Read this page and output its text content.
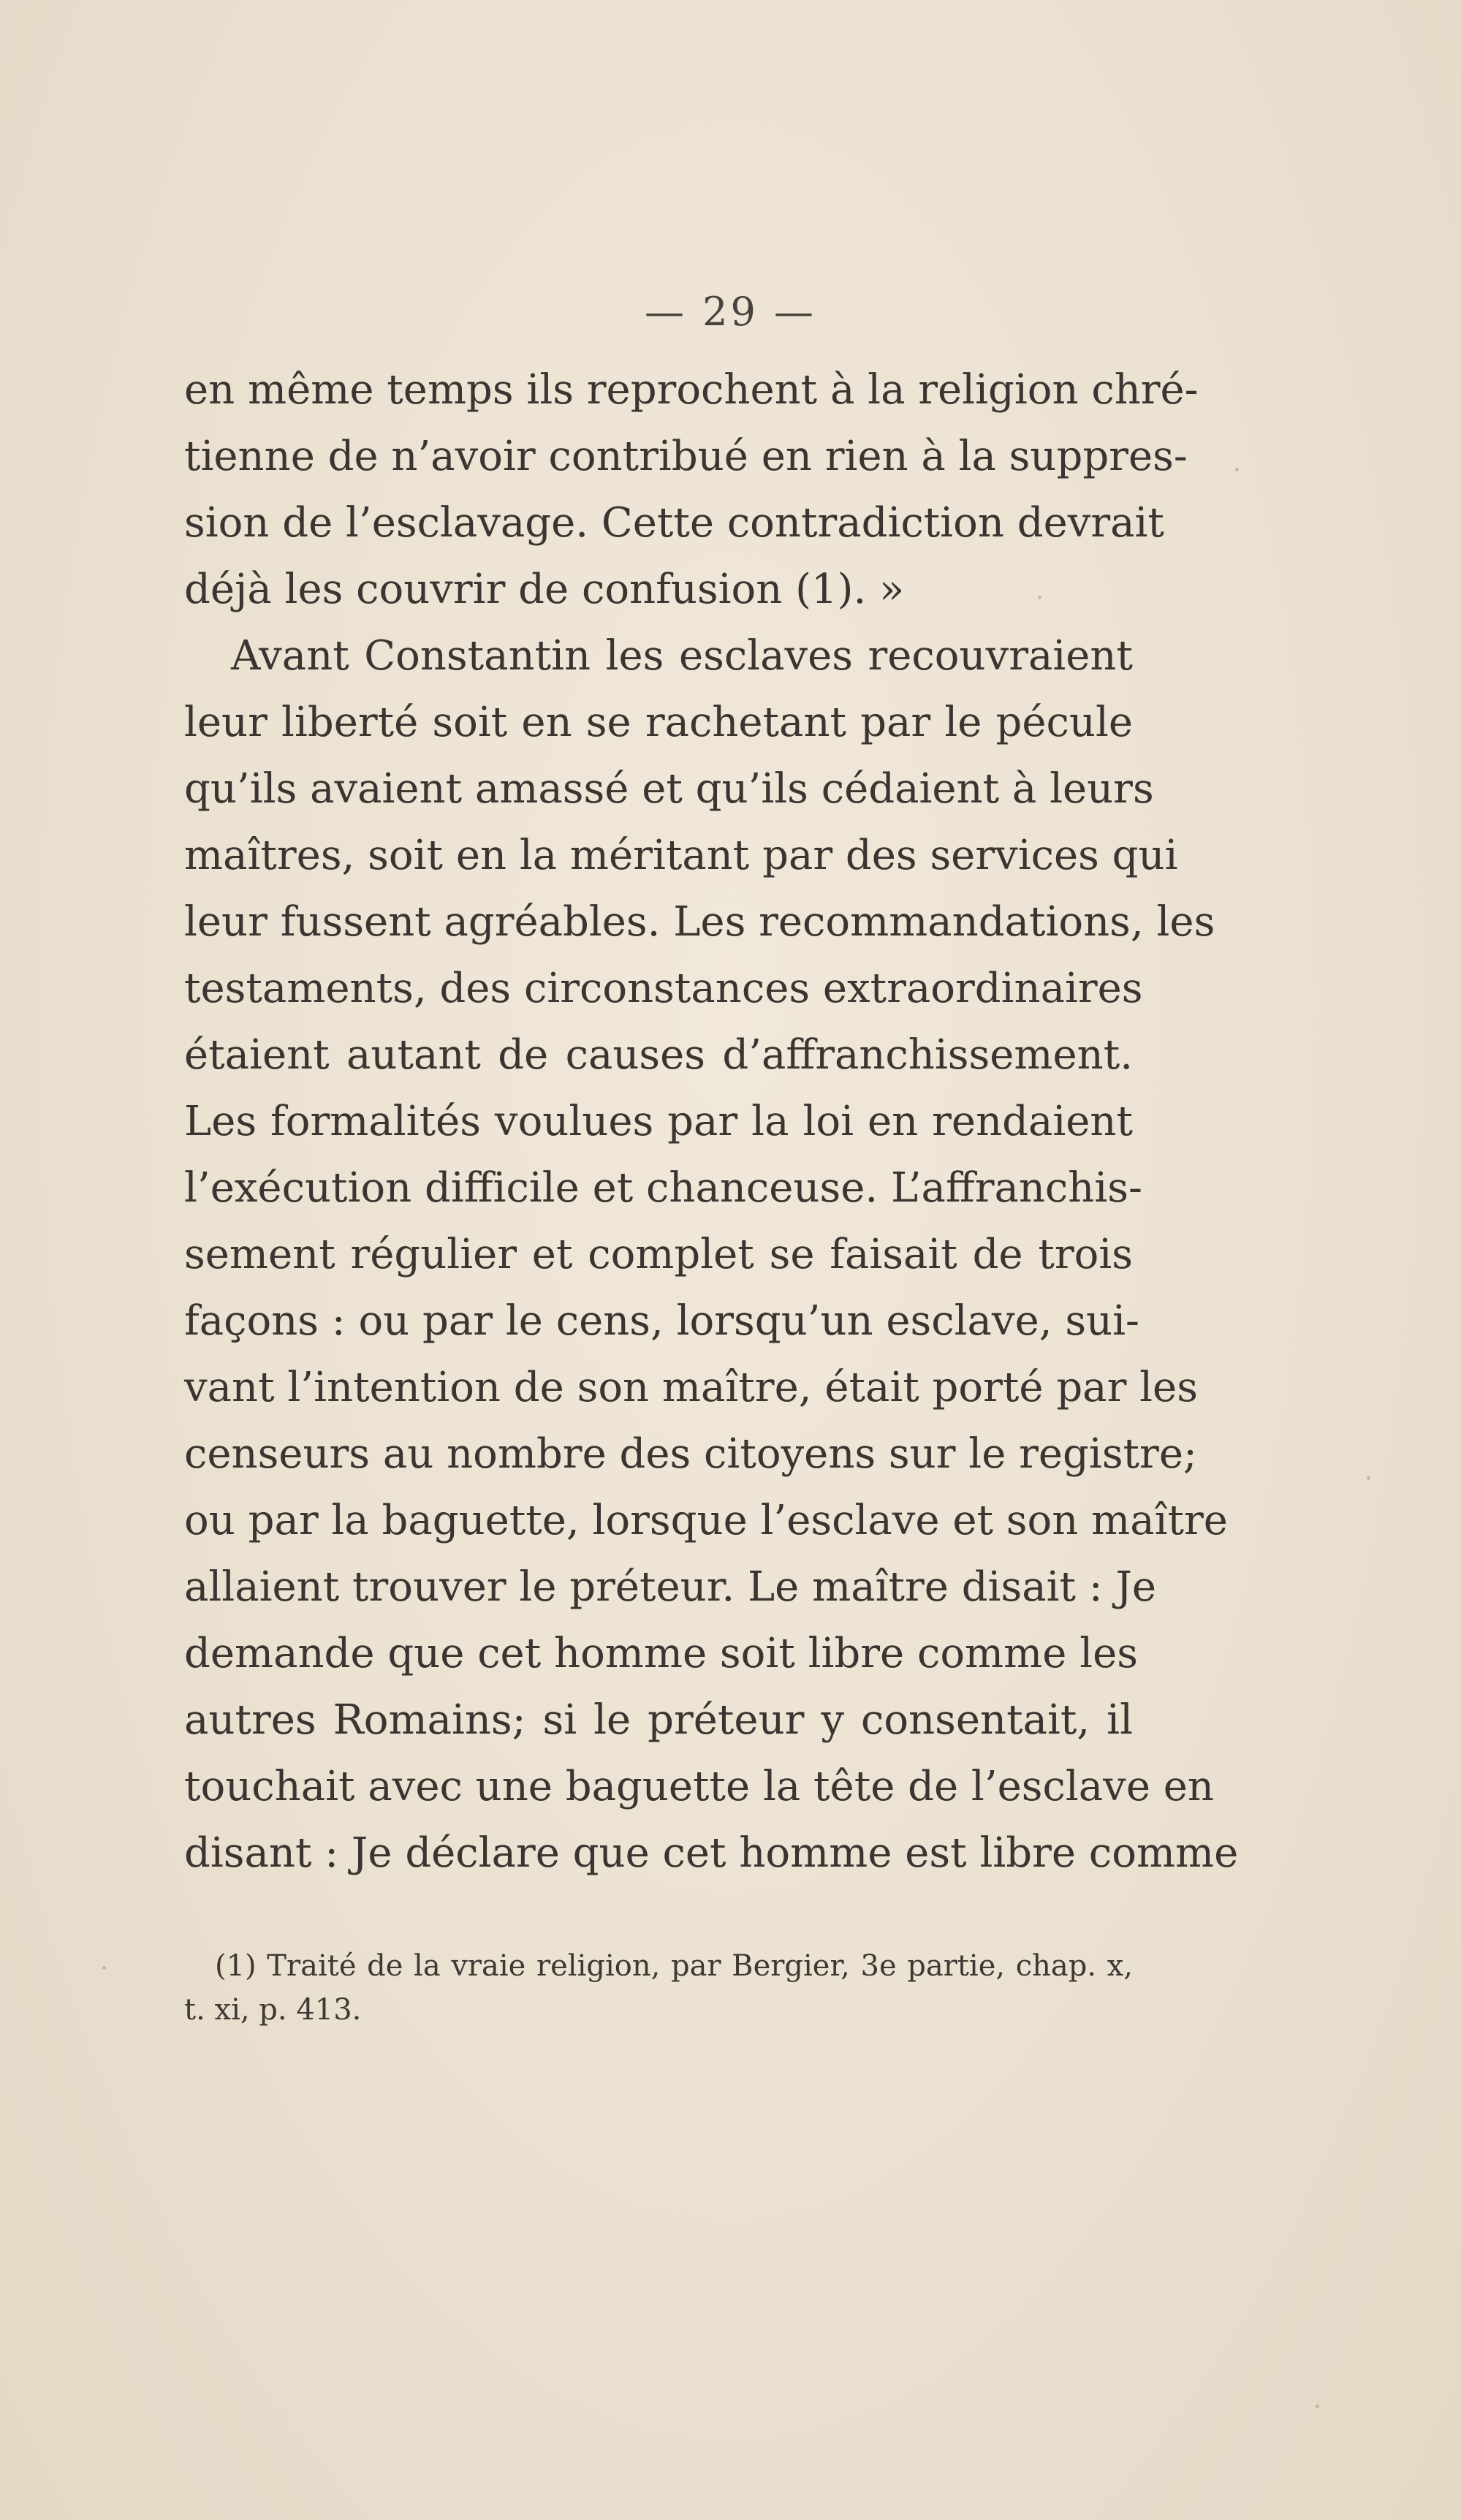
— 29 —
en même temps ils reprochent à la religion chré-
tienne de n’avoir contribué en rien à la suppres-
sion de l’esclavage. Cette contradiction devrait
déjà les couvrir de confusion (1). »
Avant Constantin les esclaves recouvraient
leur liberté soit en se rachetant par le pécule
qu’ils avaient amassé et qu’ils cédaient à leurs
maîtres, soit en la méritant par des services qui
leur fussent agréables. Les recommandations, les
testaments, des circonstances extraordinaires
étaient autant de causes d’affranchissement.
Les formalités voulues par la loi en rendaient
l’exécution difficile et chanceuse. L’affranchis-
sement régulier et complet se faisait de trois
façons : ou par le cens, lorsqu’un esclave, sui-
vant l’intention de son maître, était porté par les
censeurs au nombre des citoyens sur le registre;
ou par la baguette, lorsque l’esclave et son maître
allaient trouver le préteur. Le maître disait : Je
demande que cet homme soit libre comme les
autres Romains; si le préteur y consentait, il
touchait avec une baguette la tête de l’esclave en
disant : Je déclare que cet homme est libre comme
(1) Traité de la vraie religion, par Bergier, 3e partie, chap. x,
t. xi, p. 413.
